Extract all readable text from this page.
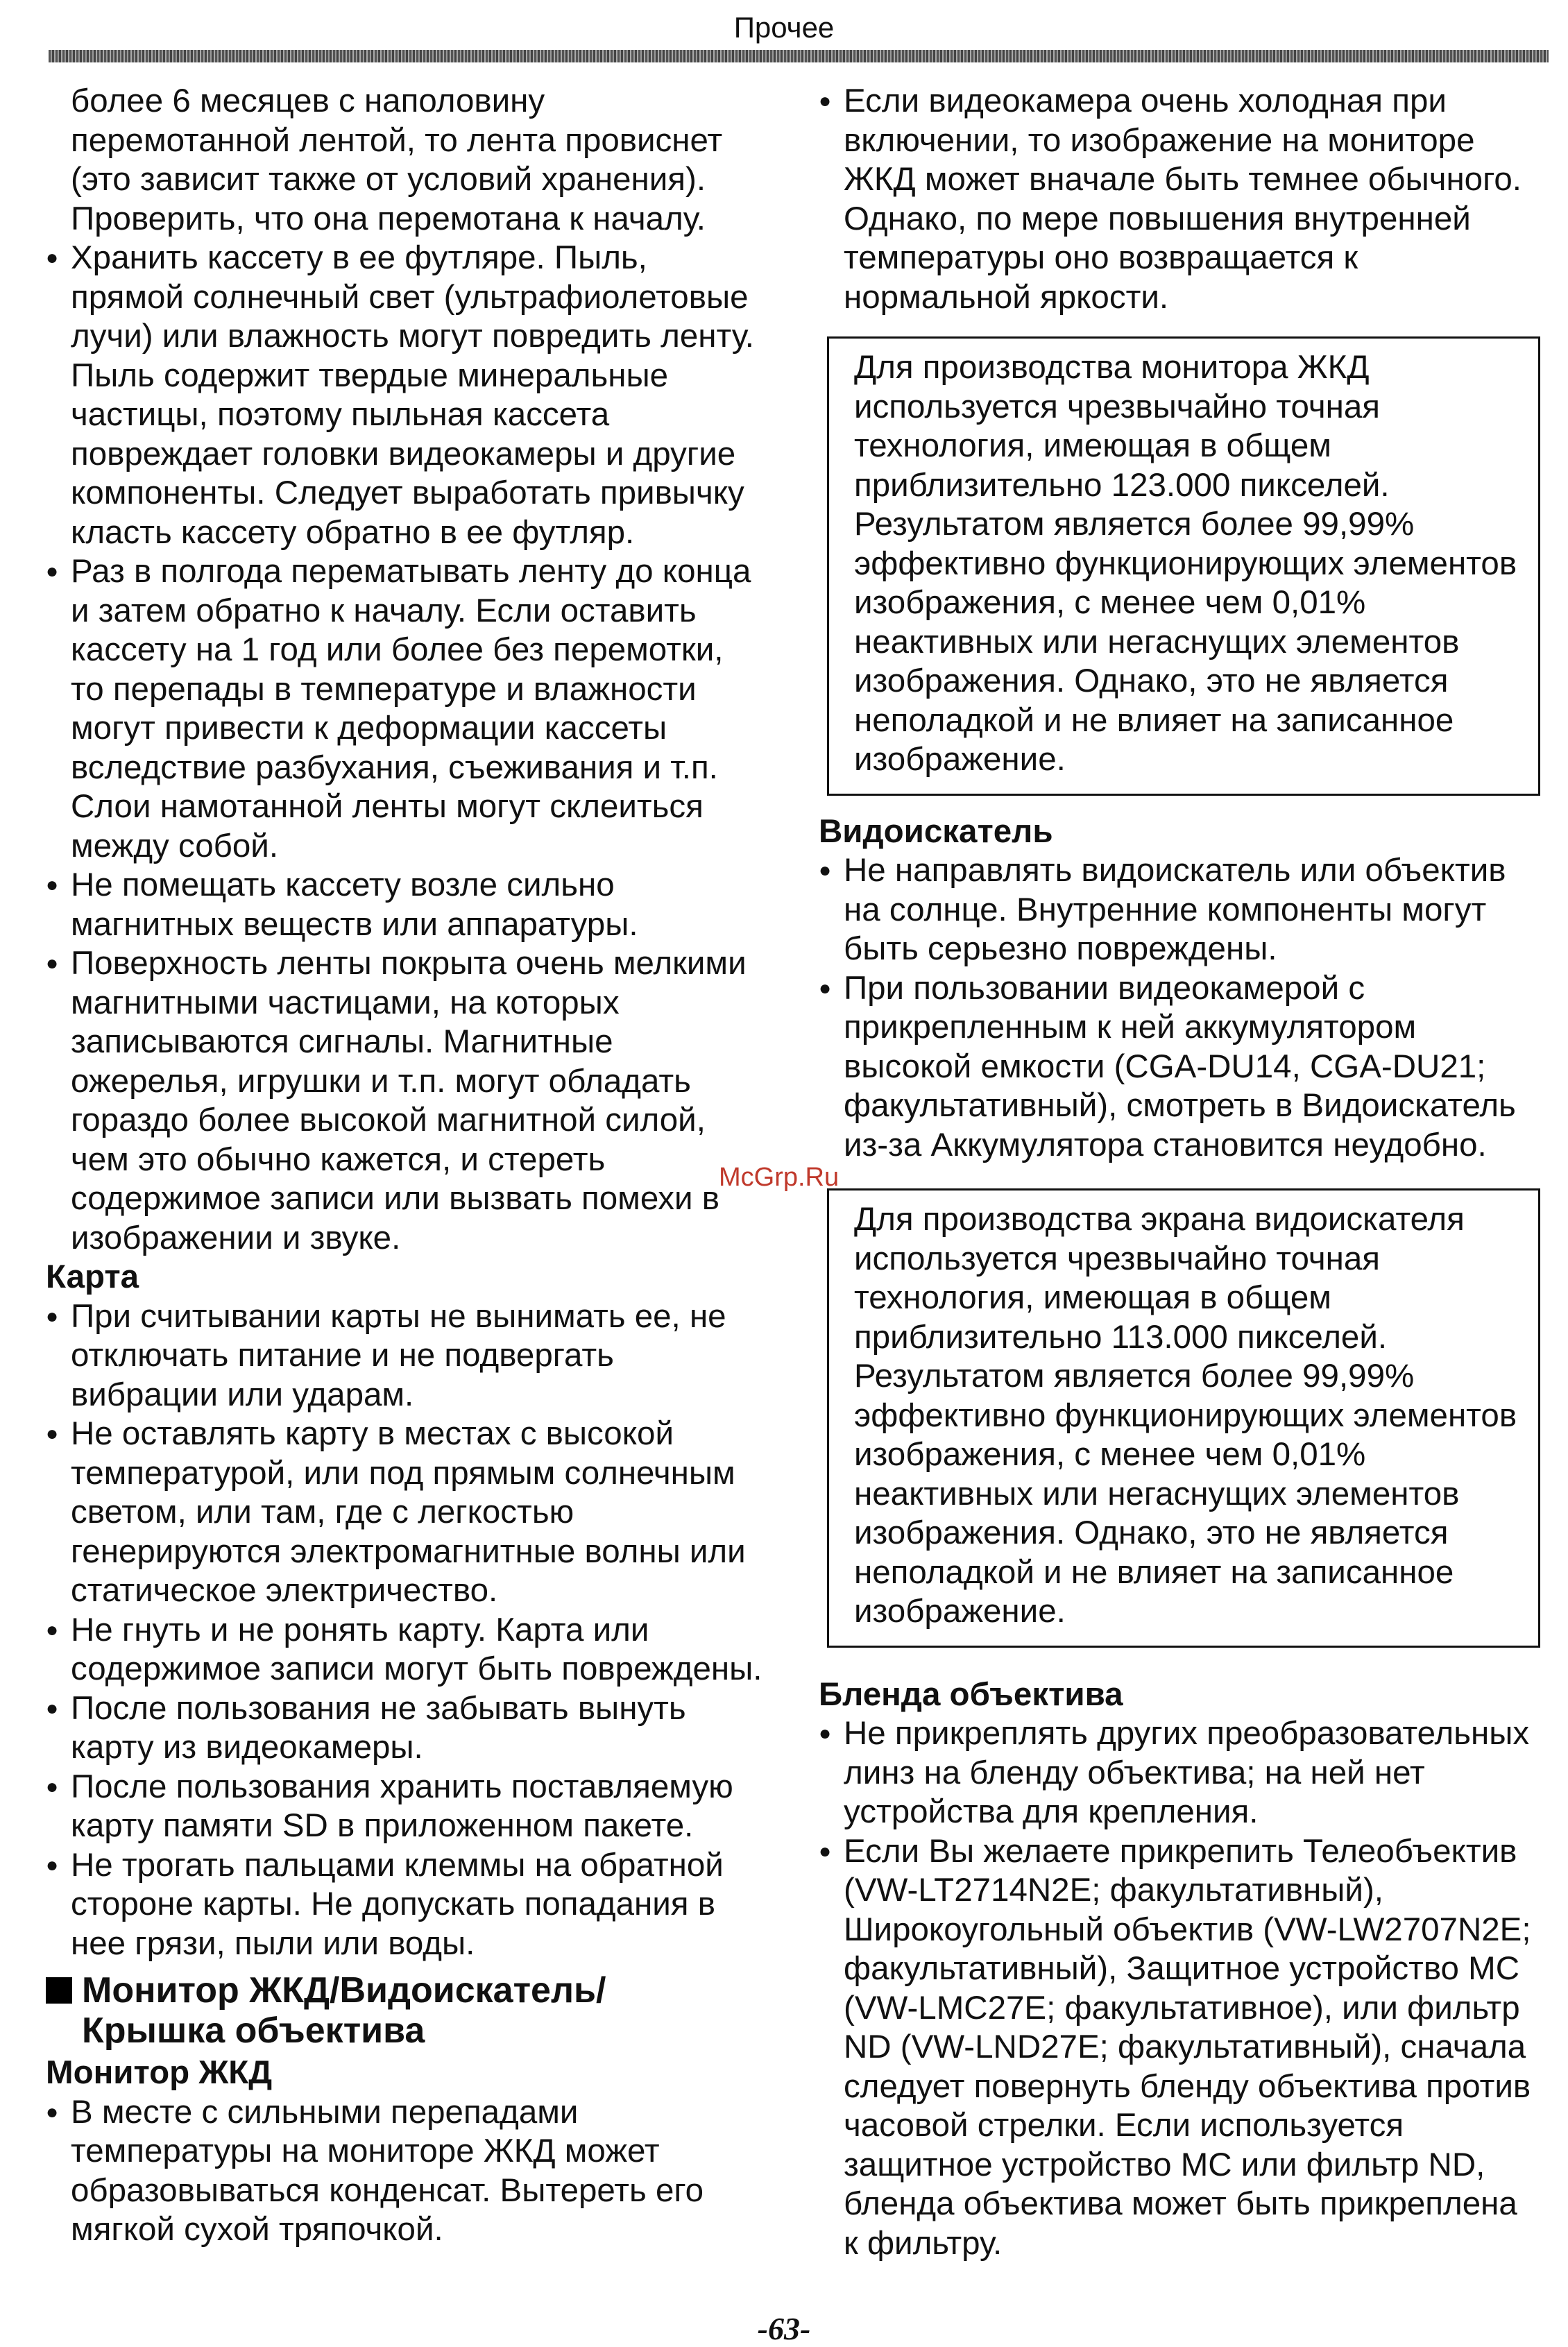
Прочее

более 6 месяцев с наполовину перемотанной лентой, то лента провиснет (это зависит также от условий хранения). Проверить, что она перемотана к началу.

● Хранить кассету в ее футляре. Пыль, прямой солнечный свет (ультрафиолетовые лучи) или влажность могут повредить ленту. Пыль содержит твердые минеральные частицы, поэтому пыльная кассета повреждает головки видеокамеры и другие компоненты. Следует выработать привычку класть кассету обратно в ее футляр.

● Раз в полгода перематывать ленту до конца и затем обратно к началу. Если оставить кассету на 1 год или более без перемотки, то перепады в температуре и влажности могут привести к деформации кассеты вследствие разбухания, съеживания и т.п. Слои намотанной ленты могут склеиться между собой.

● Не помещать кассету возле сильно магнитных веществ или аппаратуры.

● Поверхность ленты покрыта очень мелкими магнитными частицами, на которых записываются сигналы. Магнитные ожерелья, игрушки и т.п. могут обладать гораздо более высокой магнитной силой, чем это обычно кажется, и стереть содержимое записи или вызвать помехи в изображении и звуке.

Карта

● При считывании карты не вынимать ее, не отключать питание и не подвергать вибрации или ударам.

● Не оставлять карту в местах с высокой температурой, или под прямым солнечным светом, или там, где с легкостью генерируются электромагнитные волны или статическое электричество.

● Не гнуть и не ронять карту. Карта или содержимое записи могут быть повреждены.

● После пользования не забывать вынуть карту из видеокамеры.

● После пользования хранить поставляемую карту памяти SD в приложенном пакете.

● Не трогать пальцами клеммы на обратной стороне карты. Не допускать попадания в нее грязи, пыли или воды.

Монитор ЖКД/Видоискатель/
Крышка объектива
Монитор ЖКД

● В месте с сильными перепадами температуры на мониторе ЖКД может образовываться конденсат. Вытереть его мягкой сухой тряпочкой.

● Если видеокамера очень холодная при включении, то изображение на мониторе ЖКД может вначале быть темнее обычного. Однако, по мере повышения внутренней температуры оно возвращается к нормальной яркости.

Для производства монитора ЖКД используется чрезвычайно точная технология, имеющая в общем приблизительно 123.000 пикселей. Результатом является более 99,99% эффективно функционирующих элементов изображения, с менее чем 0,01% неактивных или негаснущих элементов изображения. Однако, это не является неполадкой и не влияет на записанное изображение.
Видоискатель

● Не направлять видоискатель или объектив на солнце. Внутренние компоненты могут быть серьезно повреждены.

● При пользовании видеокамерой с прикрепленным к ней аккумулятором высокой емкости (CGA-DU14, CGA-DU21; факультативный), смотреть в Видоискатель из-за Аккумулятора становится неудобно.

Для производства экрана видоискателя используется чрезвычайно точная технология, имеющая в общем приблизительно 113.000 пикселей. Результатом является более 99,99% эффективно функционирующих элементов изображения, с менее чем 0,01% неактивных или негаснущих элементов изображения. Однако, это не является неполадкой и не влияет на записанное изображение.
Бленда объектива

● Не прикреплять других преобразовательных линз на бленду объектива; на ней нет устройства для крепления.

● Если Вы желаете прикрепить Телеобъектив (VW-LT2714N2E; факультативный), Широкоугольный объектив (VW-LW2707N2E; факультативный), Защитное устройство MC (VW-LMC27E; факультативное), или фильтр ND (VW-LND27E; факультативный), сначала следует повернуть бленду объектива против часовой стрелки. Если используется защитное устройство MC или фильтр ND, бленда объектива может быть прикреплена к фильтру.

McGrp.Ru
-63-
